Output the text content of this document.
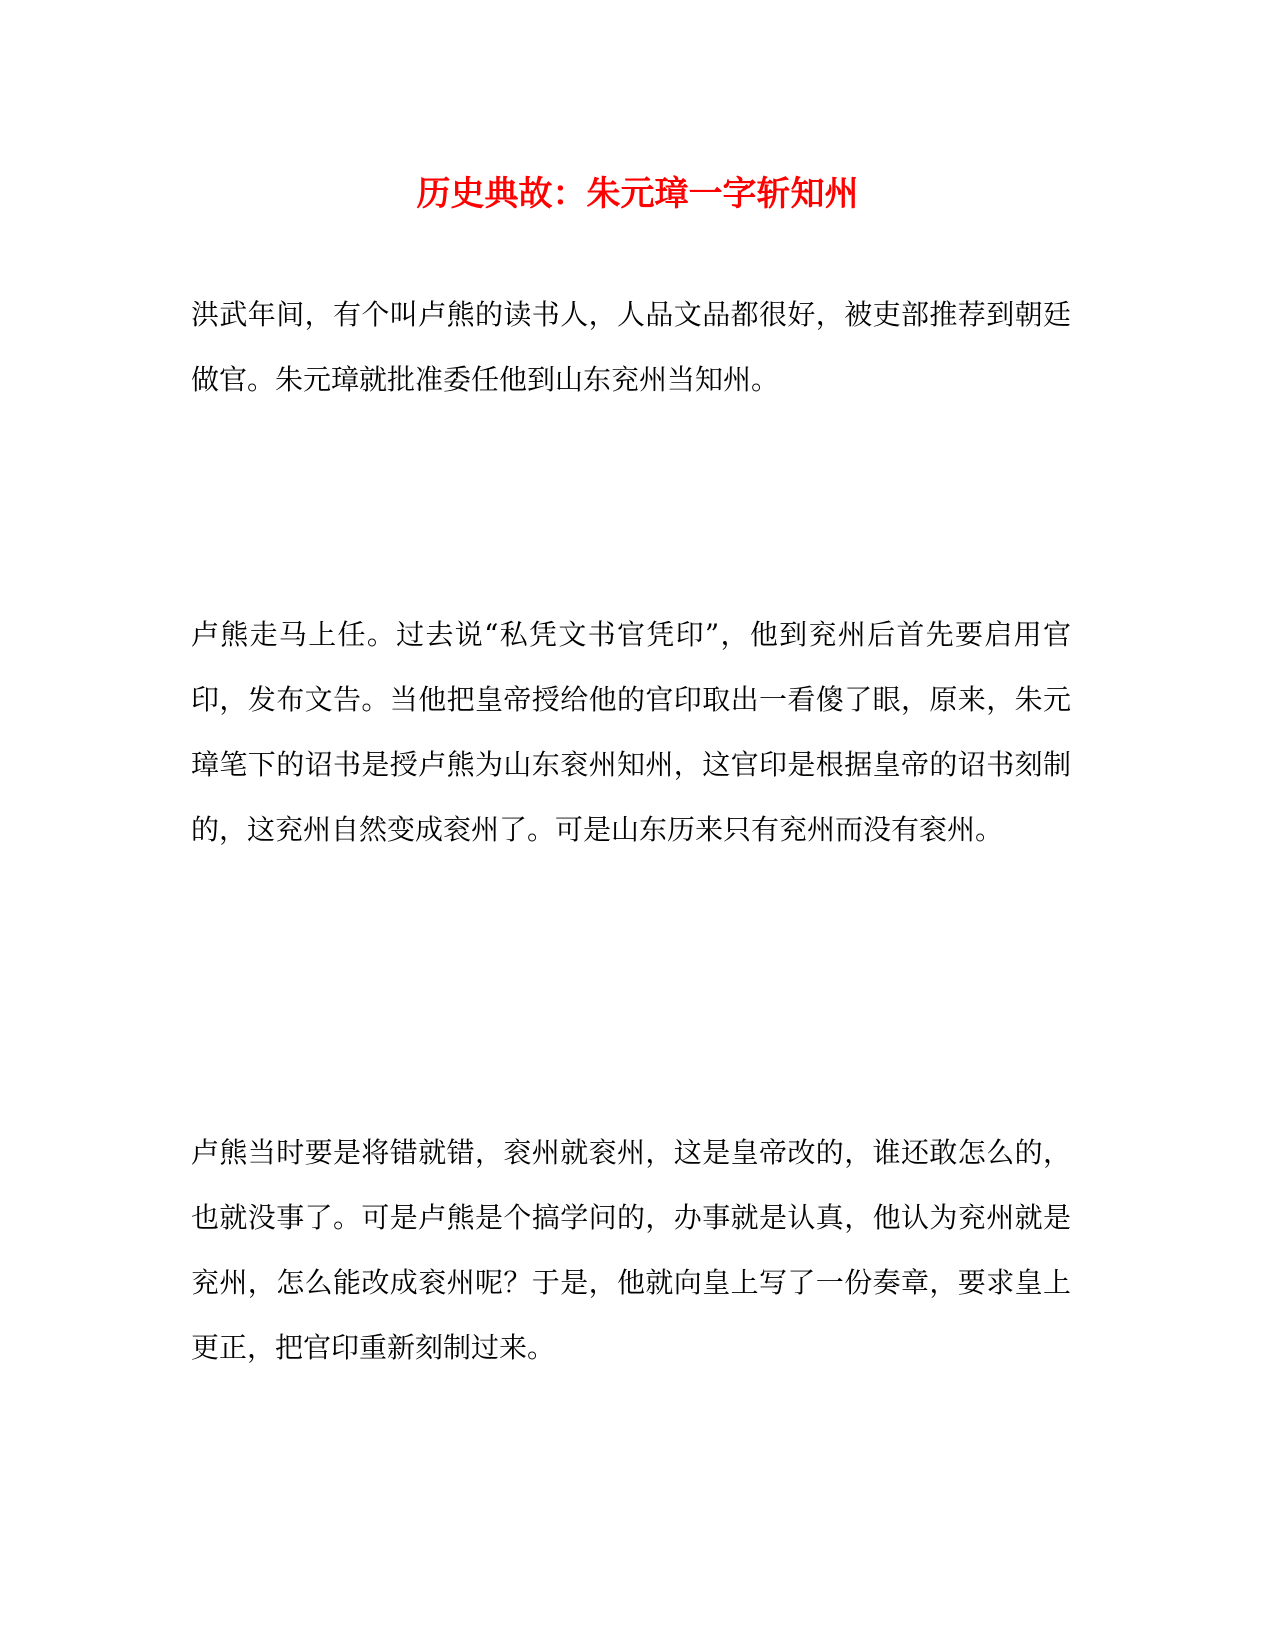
历史典故：朱元璋一字斩知州

洪武年间，有个叫卢熊的读书人，人品文品都很好，被吏部推荐到朝廷做官。朱元璋就批准委任他到山东兖州当知州。

卢熊走马上任。过去说“私凭文书官凭印”，他到兖州后首先要启用官印，发布文告。当他把皇帝授给他的官印取出一看傻了眼，原来，朱元璋笔下的诏书是授卢熊为山东衮州知州，这官印是根据皇帝的诏书刻制的，这兖州自然变成衮州了。可是山东历来只有兖州而没有衮州。

卢熊当时要是将错就错，衮州就衮州，这是皇帝改的，谁还敢怎么的，也就没事了。可是卢熊是个搞学问的，办事就是认真，他认为兖州就是兖州，怎么能改成衮州呢？于是，他就向皇上写了一份奏章，要求皇上更正，把官印重新刻制过来。
